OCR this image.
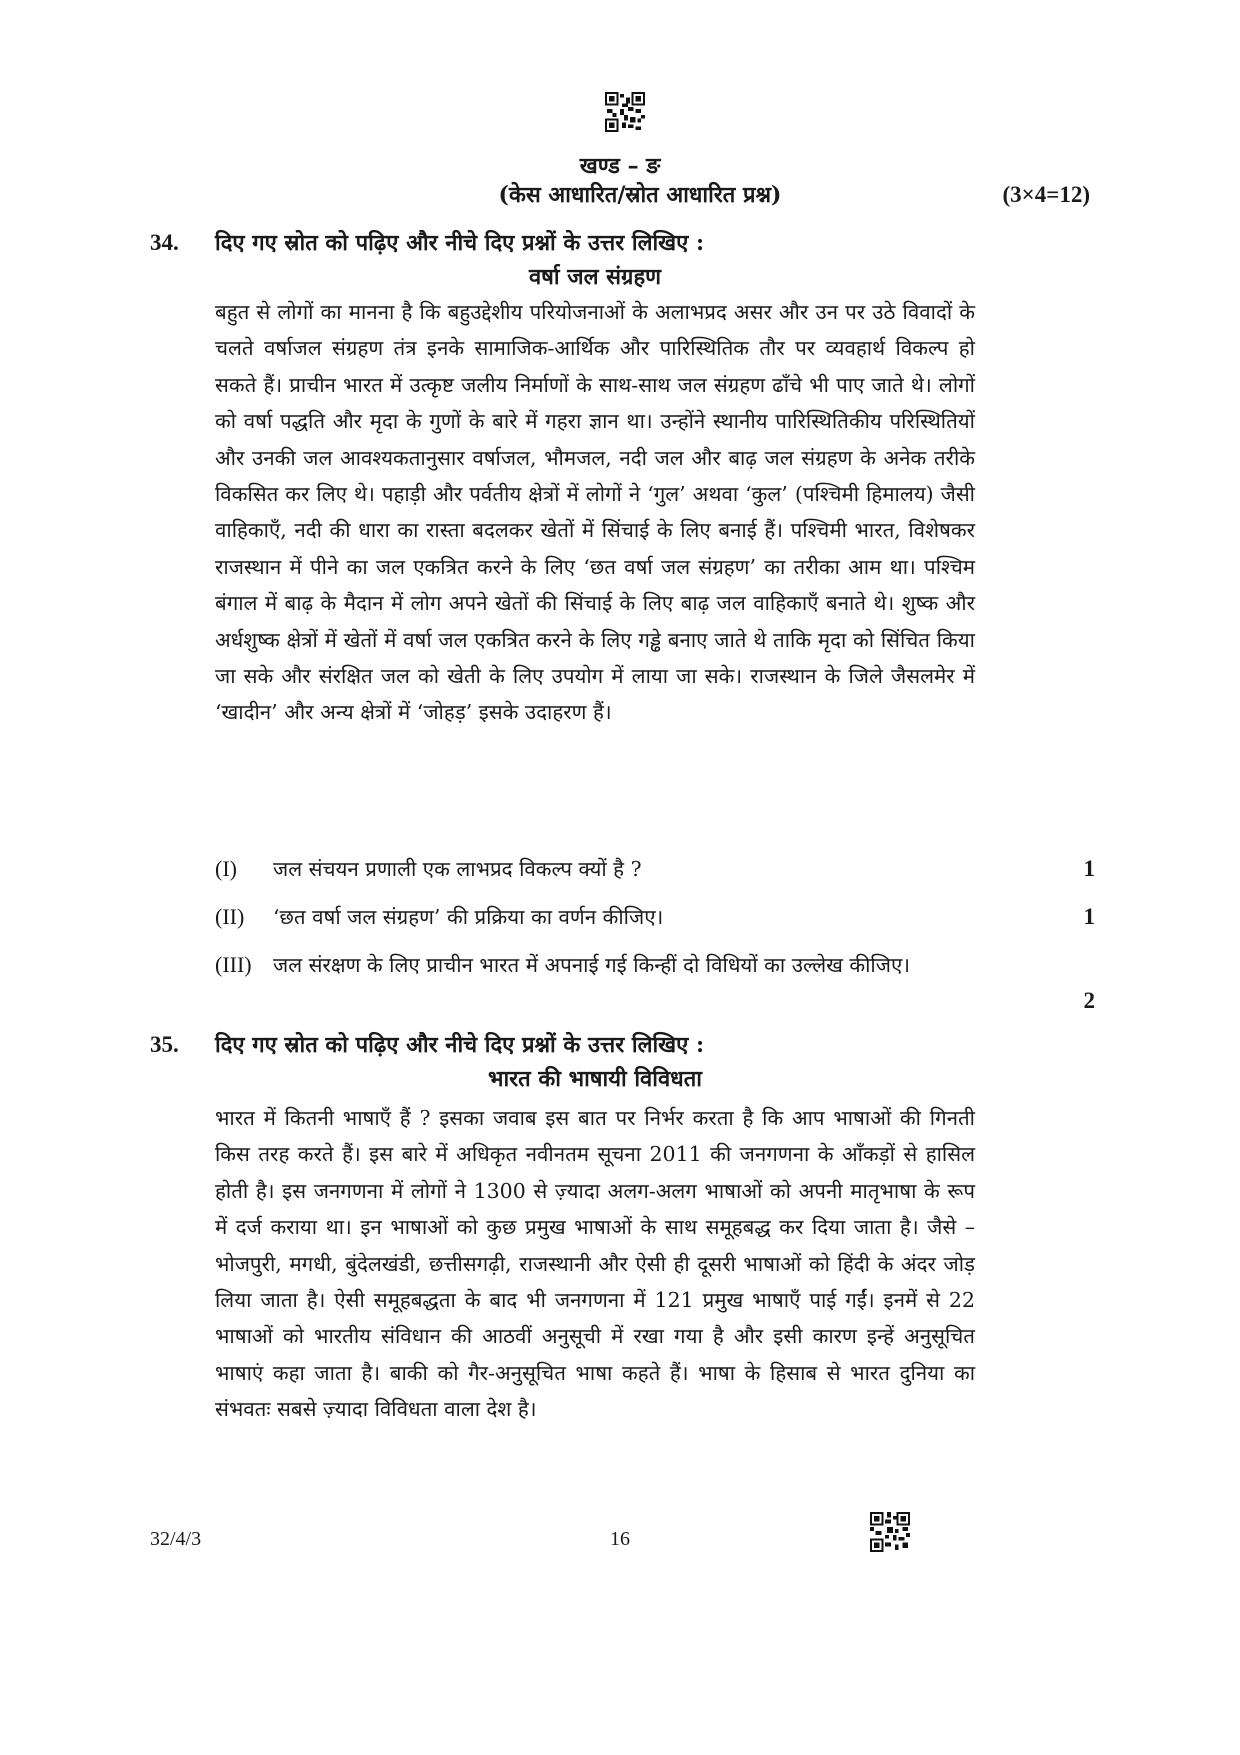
खण्ड – ङ
(केस आधारित/स्रोत आधारित प्रश्न)	(3×4=12)
34. दिए गए स्रोत को पढ़िए और नीचे दिए प्रश्नों के उत्तर लिखिए :
वर्षा जल संग्रहण

बहुत से लोगों का मानना है कि बहुउद्देशीय परियोजनाओं के अलाभप्रद असर और उन पर उठे विवादों के चलते वर्षाजल संग्रहण तंत्र इनके सामाजिक-आर्थिक और पारिस्थितिक तौर पर व्यवहार्थ विकल्प हो सकते हैं। प्राचीन भारत में उत्कृष्ट जलीय निर्माणों के साथ-साथ जल संग्रहण ढाँचे भी पाए जाते थे। लोगों को वर्षा पद्धति और मृदा के गुणों के बारे में गहरा ज्ञान था। उन्होंने स्थानीय पारिस्थितिकीय परिस्थितियों और उनकी जल आवश्यकतानुसार वर्षाजल, भौमजल, नदी जल और बाढ़ जल संग्रहण के अनेक तरीके विकसित कर लिए थे। पहाड़ी और पर्वतीय क्षेत्रों में लोगों ने ‘गुल’ अथवा ‘कुल’ (पश्चिमी हिमालय) जैसी वाहिकाएँ, नदी की धारा का रास्ता बदलकर खेतों में सिंचाई के लिए बनाई हैं। पश्चिमी भारत, विशेषकर राजस्थान में पीने का जल एकत्रित करने के लिए ‘छत वर्षा जल संग्रहण’ का तरीका आम था। पश्चिम बंगाल में बाढ़ के मैदान में लोग अपने खेतों की सिंचाई के लिए बाढ़ जल वाहिकाएँ बनाते थे। शुष्क और अर्धशुष्क क्षेत्रों में खेतों में वर्षा जल एकत्रित करने के लिए गड्ढे बनाए जाते थे ताकि मृदा को सिंचित किया जा सके और संरक्षित जल को खेती के लिए उपयोग में लाया जा सके। राजस्थान के जिले जैसलमेर में ‘खादीन’ और अन्य क्षेत्रों में ‘जोहड़’ इसके उदाहरण हैं।

(I) जल संचयन प्रणाली एक लाभप्रद विकल्प क्यों है ?	1
(II) ‘छत वर्षा जल संग्रहण’ की प्रक्रिया का वर्णन कीजिए।	1
(III) जल संरक्षण के लिए प्राचीन भारत में अपनाई गई किन्हीं दो विधियों का उल्लेख कीजिए।
2
35. दिए गए स्रोत को पढ़िए और नीचे दिए प्रश्नों के उत्तर लिखिए :
भारत की भाषायी विविधता

भारत में कितनी भाषाएँ हैं ? इसका जवाब इस बात पर निर्भर करता है कि आप भाषाओं की गिनती किस तरह करते हैं। इस बारे में अधिकृत नवीनतम सूचना 2011 की जनगणना के आँकड़ों से हासिल होती है। इस जनगणना में लोगों ने 1300 से ज़्यादा अलग-अलग भाषाओं को अपनी मातृभाषा के रूप में दर्ज कराया था। इन भाषाओं को कुछ प्रमुख भाषाओं के साथ समूहबद्ध कर दिया जाता है। जैसे – भोजपुरी, मगधी, बुंदेलखंडी, छत्तीसगढ़ी, राजस्थानी और ऐसी ही दूसरी भाषाओं को हिंदी के अंदर जोड़ लिया जाता है। ऐसी समूहबद्धता के बाद भी जनगणना में 121 प्रमुख भाषाएँ पाई गईं। इनमें से 22 भाषाओं को भारतीय संविधान की आठवीं अनुसूची में रखा गया है और इसी कारण इन्हें अनुसूचित भाषाएं कहा जाता है। बाकी को गैर-अनुसूचित भाषा कहते हैं। भाषा के हिसाब से भारत दुनिया का संभवतः सबसे ज़्यादा विविधता वाला देश है।

32/4/3	16
